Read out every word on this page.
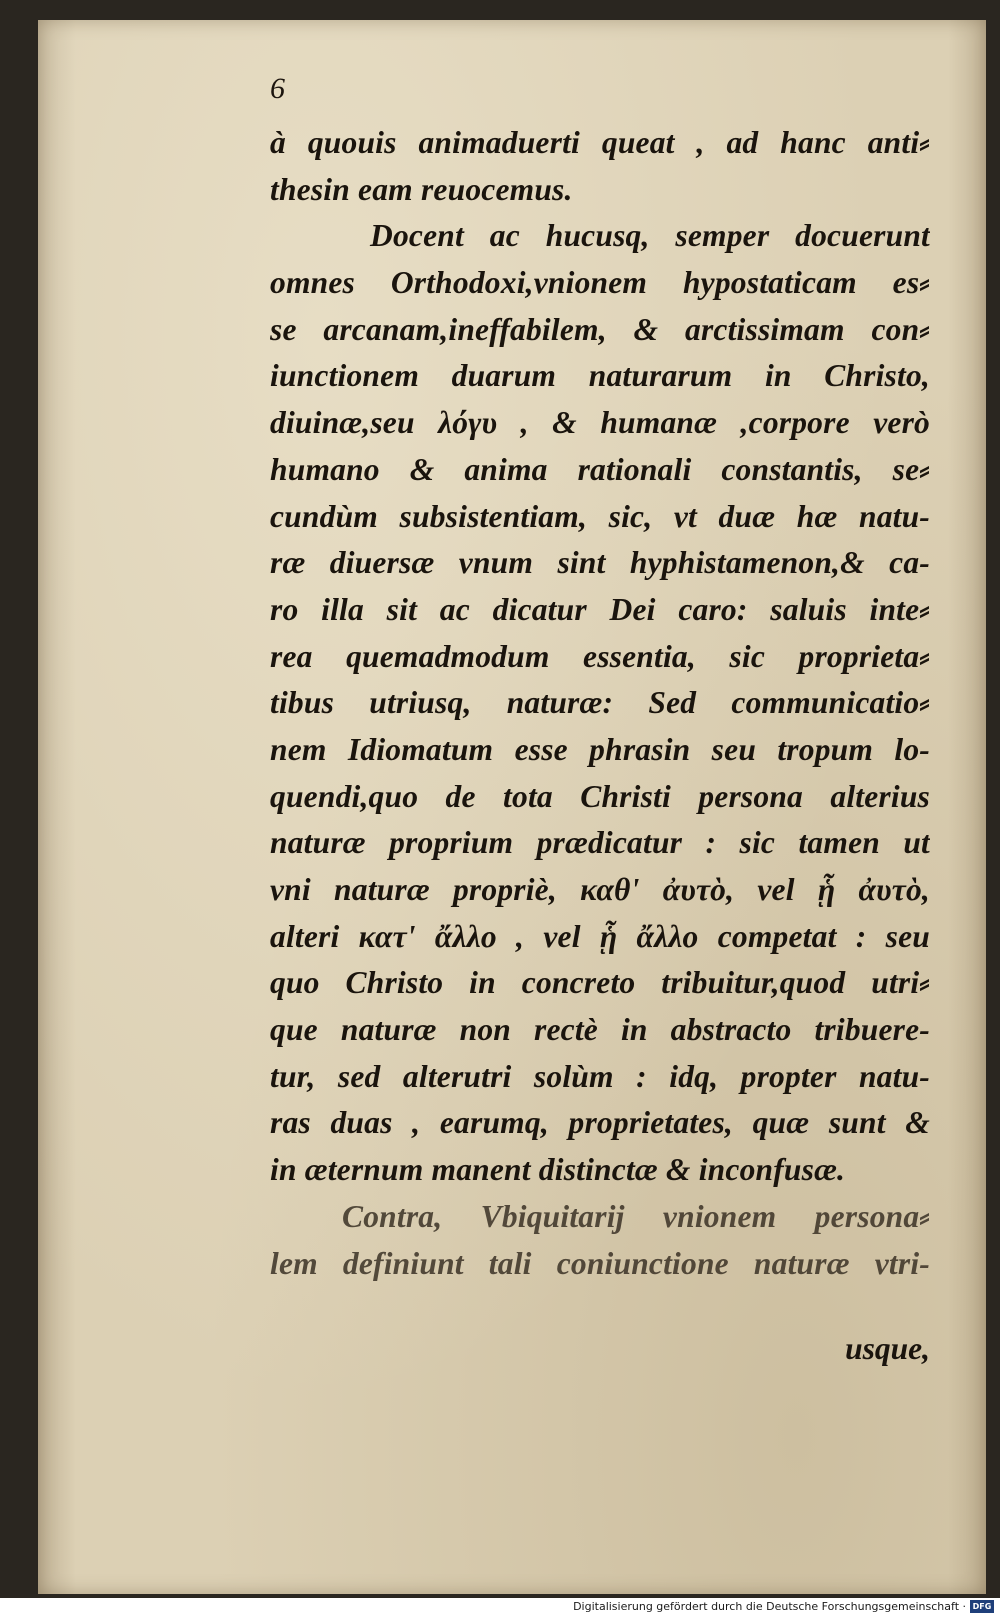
6
à quouis animaduerti queat , ad hanc anti⸗
thesin eam reuocemus.
Docent ac hucusq, semper docuerunt
omnes Orthodoxi,vnionem hypostaticam es⸗
se arcanam,ineffabilem, & arctissimam con⸗
iunctionem duarum naturarum in Christo,
diuinæ,seu λόγυ , & humanæ ,corpore verò
humano & anima rationali constantis, se⸗
cundùm subsistentiam, sic, vt duæ hæ natu-
ræ diuersæ vnum sint hyphistamenon,& ca-
ro illa sit ac dicatur Dei caro: saluis inte⸗
rea quemadmodum essentia, sic proprieta⸗
tibus utriusq, naturæ: Sed communicatio⸗
nem Idiomatum esse phrasin seu tropum lo-
quendi,quo de tota Christi persona alterius
naturæ proprium prædicatur : sic tamen ut
vni naturæ propriè, καθ' ἀυτὸ, vel ᾗ ἀυτὸ,
alteri κατ' ἄλλο , vel ᾗ ἄλλο competat : seu
quo Christo in concreto tribuitur,quod utri⸗
que naturæ non rectè in abstracto tribuere-
tur, sed alterutri solùm : idq, propter natu-
ras duas , earumq, proprietates, quæ sunt &
in æternum manent distinctæ & inconfusæ.
Contra, Vbiquitarij vnionem persona⸗
lem definiunt tali coniunctione naturæ vtri-
usque,
Digitalisierung gefördert durch die Deutsche Forschungsgemeinschaft · DFG
